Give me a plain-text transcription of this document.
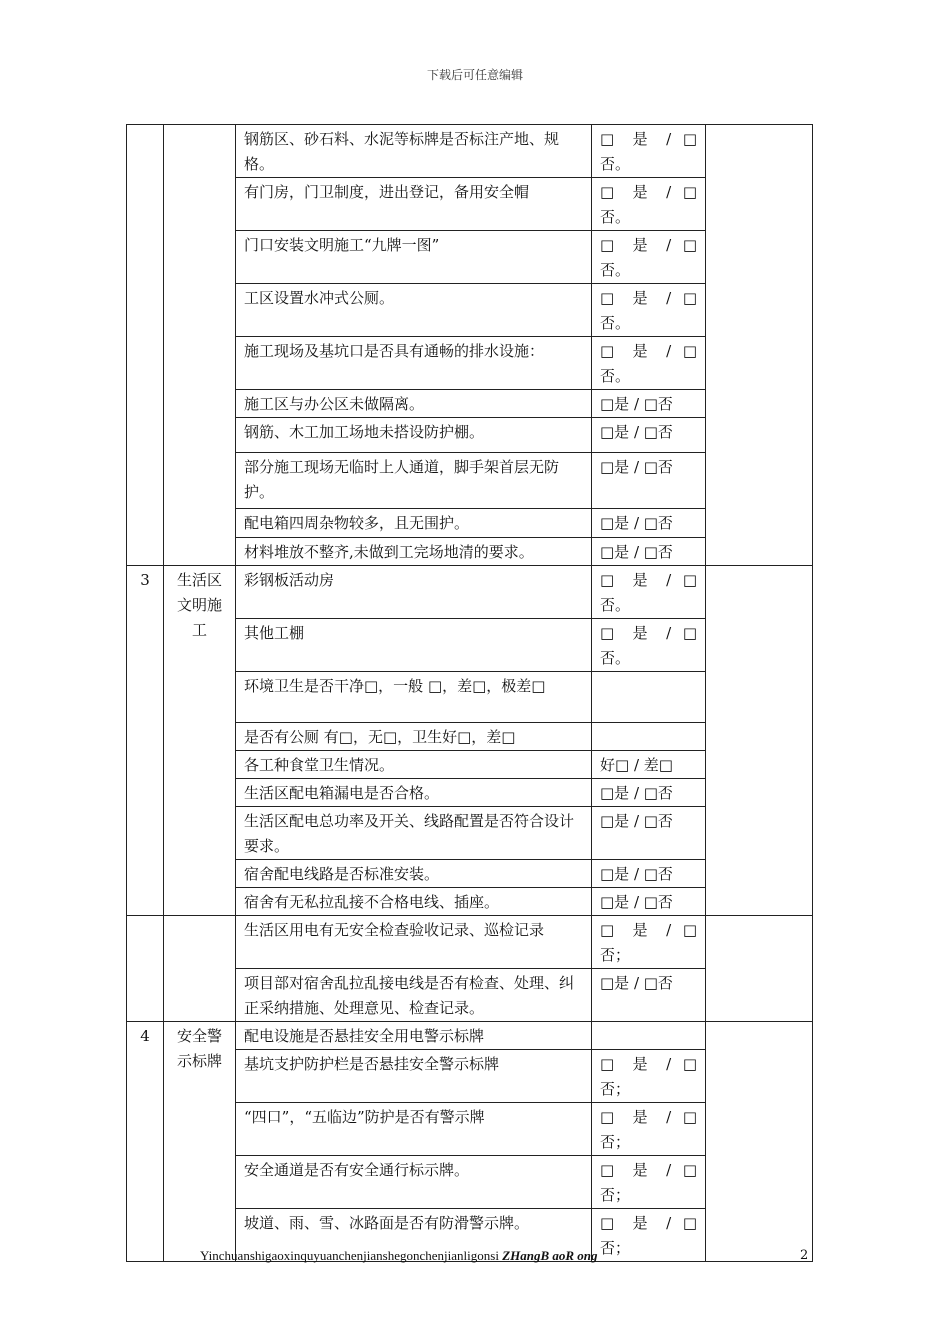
下载后可任意编辑
		钢筋区、砂石料、水泥等标牌是否标注产地、规格。	□ 是 / □ 否。	
		有门房，门卫制度，进出登记，备用安全帽	□ 是 / □ 否。	
		门口安装文明施工“九牌一图”	□ 是 / □ 否。	
		工区设置水冲式公厕。	□ 是 / □ 否。	
		施工现场及基坑口是否具有通畅的排水设施：	□ 是 / □ 否。	
		施工区与办公区未做隔离。	□是 / □否	
		钢筋、木工加工场地未搭设防护棚。	□是 / □否	
		部分施工现场无临时上人通道，脚手架首层无防护。	□是 / □否	
		配电箱四周杂物较多，且无围护。	□是 / □否	
		材料堆放不整齐,未做到工完场地清的要求。	□是 / □否	
3	生活区文明施工	彩钢板活动房	□ 是 / □ 否。	
		其他工棚	□ 是 / □ 否。	
		环境卫生是否干净□，一般 □，差□，极差□		
		是否有公厕 有□，无□，卫生好□，差□		
		各工种食堂卫生情况。	好□ / 差□	
		生活区配电箱漏电是否合格。	□是 / □否	
		生活区配电总功率及开关、线路配置是否符合设计要求。	□是 / □否	
		宿舍配电线路是否标准安装。	□是 / □否	
		宿舍有无私拉乱接不合格电线、插座。	□是 / □否	
		生活区用电有无安全检查验收记录、巡检记录	□ 是 / □ 否；	
		项目部对宿舍乱拉乱接电线是否有检查、处理、纠正采纳措施、处理意见、检查记录。	□是 / □否	
4	安全警示标牌	配电设施是否悬挂安全用电警示标牌		
		基坑支护防护栏是否悬挂安全警示标牌	□ 是 / □ 否；	
		“四口”，“五临边”防护是否有警示牌	□ 是 / □ 否；	
		安全通道是否有安全通行标示牌。	□ 是 / □ 否；	
		坡道、雨、雪、冰路面是否有防滑警示牌。	□ 是 / □ 否；	
Yinchuanshigaoxinquyuanchenjianshegonchenjianligonsi ZHangB aoR ong	2
